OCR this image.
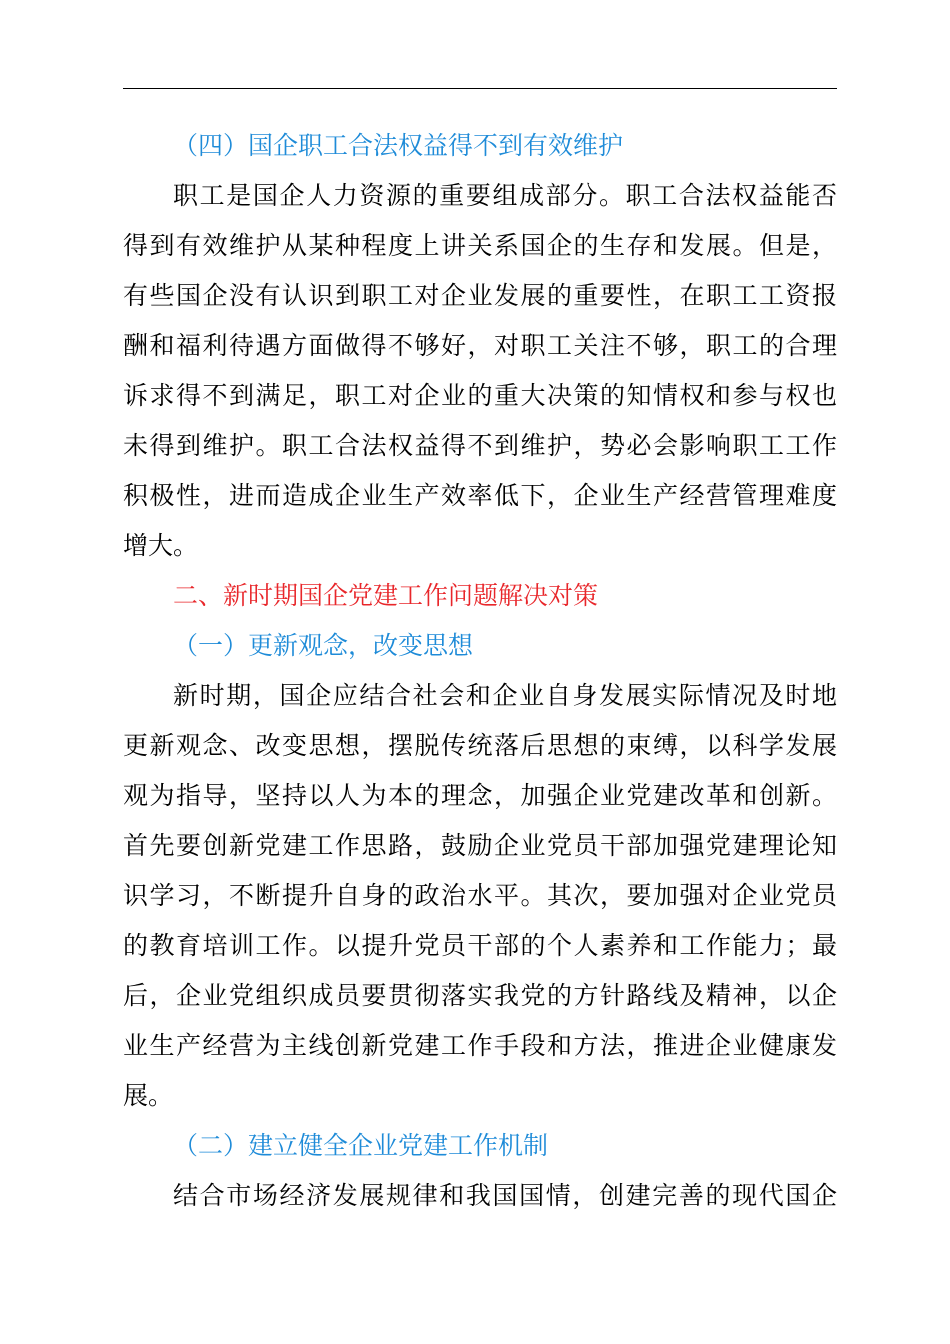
（四）国企职工合法权益得不到有效维护
职工是国企人力资源的重要组成部分。职工合法权益能否
得到有效维护从某种程度上讲关系国企的生存和发展。但是，
有些国企没有认识到职工对企业发展的重要性，在职工工资报
酬和福利待遇方面做得不够好，对职工关注不够，职工的合理
诉求得不到满足，职工对企业的重大决策的知情权和参与权也
未得到维护。职工合法权益得不到维护，势必会影响职工工作
积极性，进而造成企业生产效率低下，企业生产经营管理难度
增大。
二、新时期国企党建工作问题解决对策
（一）更新观念，改变思想
新时期，国企应结合社会和企业自身发展实际情况及时地
更新观念、改变思想，摆脱传统落后思想的束缚，以科学发展
观为指导，坚持以人为本的理念，加强企业党建改革和创新。
首先要创新党建工作思路，鼓励企业党员干部加强党建理论知
识学习，不断提升自身的政治水平。其次，要加强对企业党员
的教育培训工作。以提升党员干部的个人素养和工作能力；最
后，企业党组织成员要贯彻落实我党的方针路线及精神，以企
业生产经营为主线创新党建工作手段和方法，推进企业健康发
展。
（二）建立健全企业党建工作机制
结合市场经济发展规律和我国国情，创建完善的现代国企
